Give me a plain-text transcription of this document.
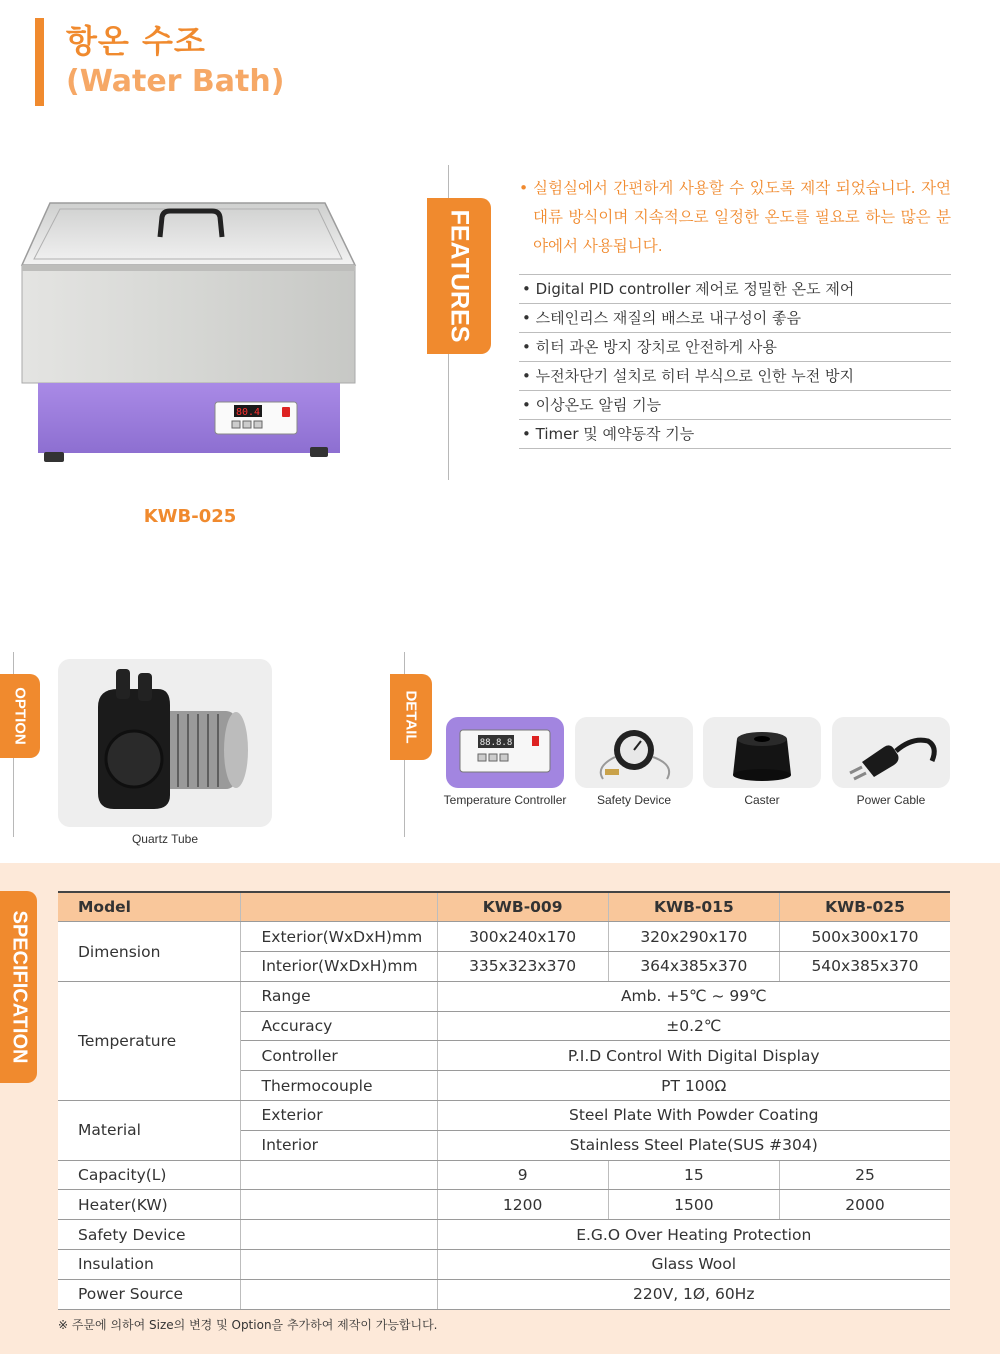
항온 수조
(Water Bath)
80.4
KWB-025
FEATURES
• 실험실에서 간편하게 사용할 수 있도록 제작 되었습니다. 자연대류 방식이며 지속적으로 일정한 온도를 필요로 하는 많은 분야에서 사용됩니다.
• Digital PID controller 제어로 정밀한 온도 제어
• 스테인리스 재질의 배스로 내구성이 좋음
• 히터 과온 방지 장치로 안전하게 사용
• 누전차단기 설치로 히터 부식으로 인한 누전 방지
• 이상온도 알림 기능
• Timer 및 예약동작 기능
OPTION
Quartz Tube
DETAIL	88.8.8
Temperature Controller	Safety Device	Caster	Power Cable
SPECIFICATION
Model		KWB-009	KWB-015	KWB-025
Dimension	Exterior(WxDxH)mm	300x240x170	320x290x170	500x300x170
	Interior(WxDxH)mm	335x323x370	364x385x370	540x385x370
Temperature	Range	Amb. +5℃ ~ 99℃		
	Accuracy	±0.2℃		
	Controller	P.I.D Control With Digital Display		
	Thermocouple	PT 100Ω		
Material	Exterior	Steel Plate With Powder Coating		
	Interior	Stainless Steel Plate(SUS #304)		
Capacity(L)		9	15	25
Heater(KW)		1200	1500	2000
Safety Device		E.G.O Over Heating Protection		
Insulation		Glass Wool		
Power Source		220V, 1Ø, 60Hz		
※ 주문에 의하여 Size의 변경 및 Option을 추가하여 제작이 가능합니다.
